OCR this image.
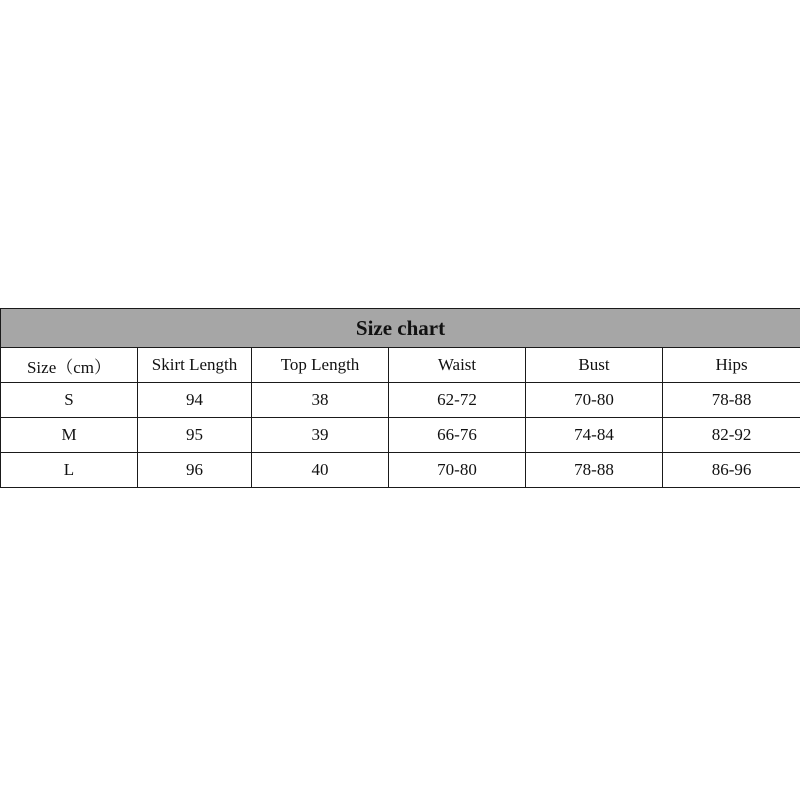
Size chart					
Size（cm）	Skirt Length	Top Length	Waist	Bust	Hips
S	94	38	62-72	70-80	78-88
M	95	39	66-76	74-84	82-92
L	96	40	70-80	78-88	86-96
